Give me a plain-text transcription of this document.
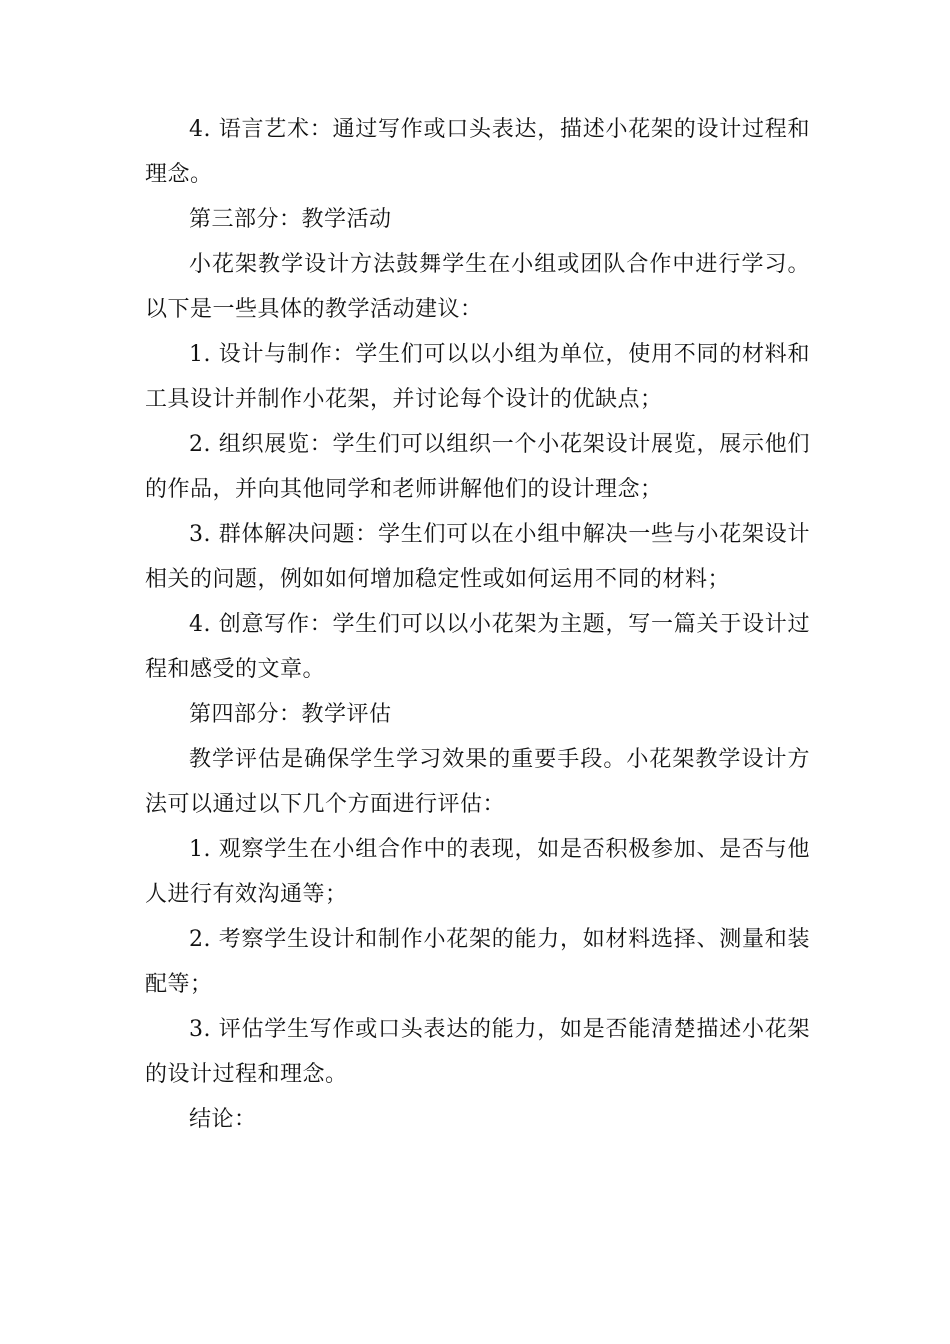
4. 语言艺术：通过写作或口头表达，描述小花架的设计过程和理念。

第三部分：教学活动

小花架教学设计方法鼓舞学生在小组或团队合作中进行学习。以下是一些具体的教学活动建议：

1. 设计与制作：学生们可以以小组为单位，使用不同的材料和工具设计并制作小花架，并讨论每个设计的优缺点；

2. 组织展览：学生们可以组织一个小花架设计展览，展示他们的作品，并向其他同学和老师讲解他们的设计理念；

3. 群体解决问题：学生们可以在小组中解决一些与小花架设计相关的问题，例如如何增加稳定性或如何运用不同的材料；

4. 创意写作：学生们可以以小花架为主题，写一篇关于设计过程和感受的文章。

第四部分：教学评估

教学评估是确保学生学习效果的重要手段。小花架教学设计方法可以通过以下几个方面进行评估：

1. 观察学生在小组合作中的表现，如是否积极参加、是否与他人进行有效沟通等；

2. 考察学生设计和制作小花架的能力，如材料选择、测量和装配等；

3. 评估学生写作或口头表达的能力，如是否能清楚描述小花架的设计过程和理念。

结论：
